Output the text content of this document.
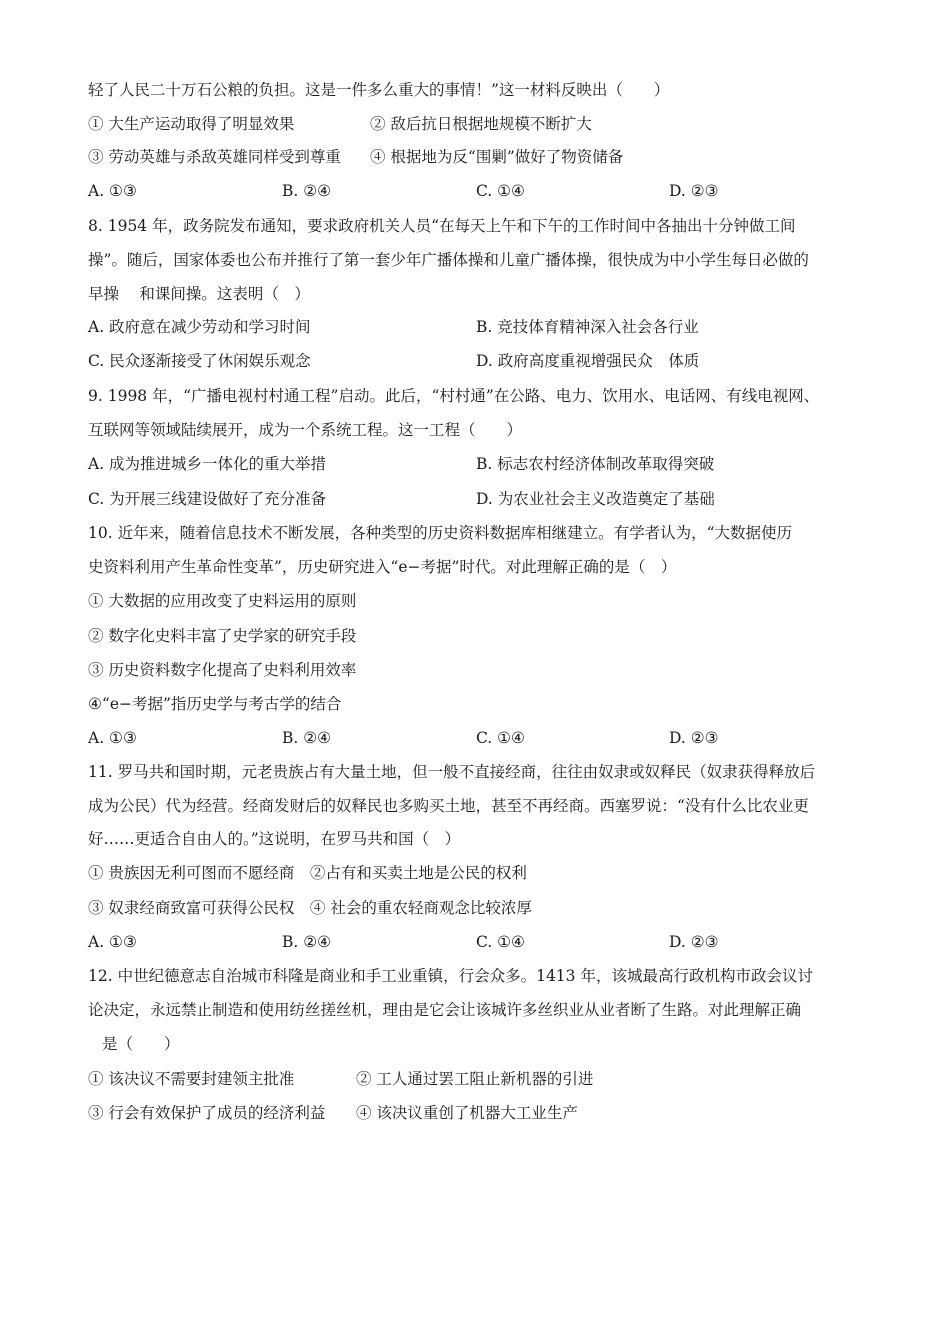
轻了人民二十万石公粮的负担。这是一件多么重大的事情！”这一材料反映出（　　）
① 大生产运动取得了明显效果	② 敌后抗日根据地规模不断扩大
③ 劳动英雄与杀敌英雄同样受到尊重 ④ 根据地为反“围剿”做好了物资储备
A. ①③	B. ②④	C. ①④	D. ②③
8. 1954 年，政务院发布通知，要求政府机关人员“在每天上午和下午的工作时间中各抽出十分钟做工间
操”。随后，国家体委也公布并推行了第一套少年广播体操和儿童广播体操，很快成为中小学生每日必做的
早操　 和课间操。这表明（　）
A. 政府意在减少劳动和学习时间	B. 竞技体育精神深入社会各行业
C. 民众逐渐接受了休闲娱乐观念	D. 政府高度重视增强民众　体质
9. 1998 年，“广播电视村村通工程”启动。此后，“村村通”在公路、电力、饮用水、电话网、有线电视网、
互联网等领域陆续展开，成为一个系统工程。这一工程（　　）
A. 成为推进城乡一体化的重大举措	B. 标志农村经济体制改革取得突破
C. 为开展三线建设做好了充分准备	D. 为农业社会主义改造奠定了基础
10. 近年来，随着信息技术不断发展，各种类型的历史资料数据库相继建立。有学者认为，“大数据使历
史资料利用产生革命性变革”，历史研究进入“e−考据”时代。对此理解正确的是（　）
① 大数据的应用改变了史料运用的原则
② 数字化史料丰富了史学家的研究手段
③ 历史资料数字化提高了史料利用效率
④“e−考据”指历史学与考古学的结合
A. ①③	B. ②④	C. ①④	D. ②③
11. 罗马共和国时期，元老贵族占有大量土地，但一般不直接经商，往往由奴隶或奴释民（奴隶获得释放后
成为公民）代为经营。经商发财后的奴释民也多购买土地，甚至不再经商。西塞罗说：“没有什么比农业更
好……更适合自由人的。”这说明，在罗马共和国（　）
① 贵族因无利可图而不愿经商　②占有和买卖土地是公民的权利
③ 奴隶经商致富可获得公民权　④ 社会的重农轻商观念比较浓厚
A. ①③	B. ②④	C. ①④	D. ②③
12. 中世纪德意志自治城市科隆是商业和手工业重镇，行会众多。1413 年，该城最高行政机构市政会议讨
论决定，永远禁止制造和使用纺丝搓丝机，理由是它会让该城许多丝织业从业者断了生路。对此理解正确
是（　　）
① 该决议不需要封建领主批准	② 工人通过罢工阻止新机器的引进
③ 行会有效保护了成员的经济利益 ④ 该决议重创了机器大工业生产
